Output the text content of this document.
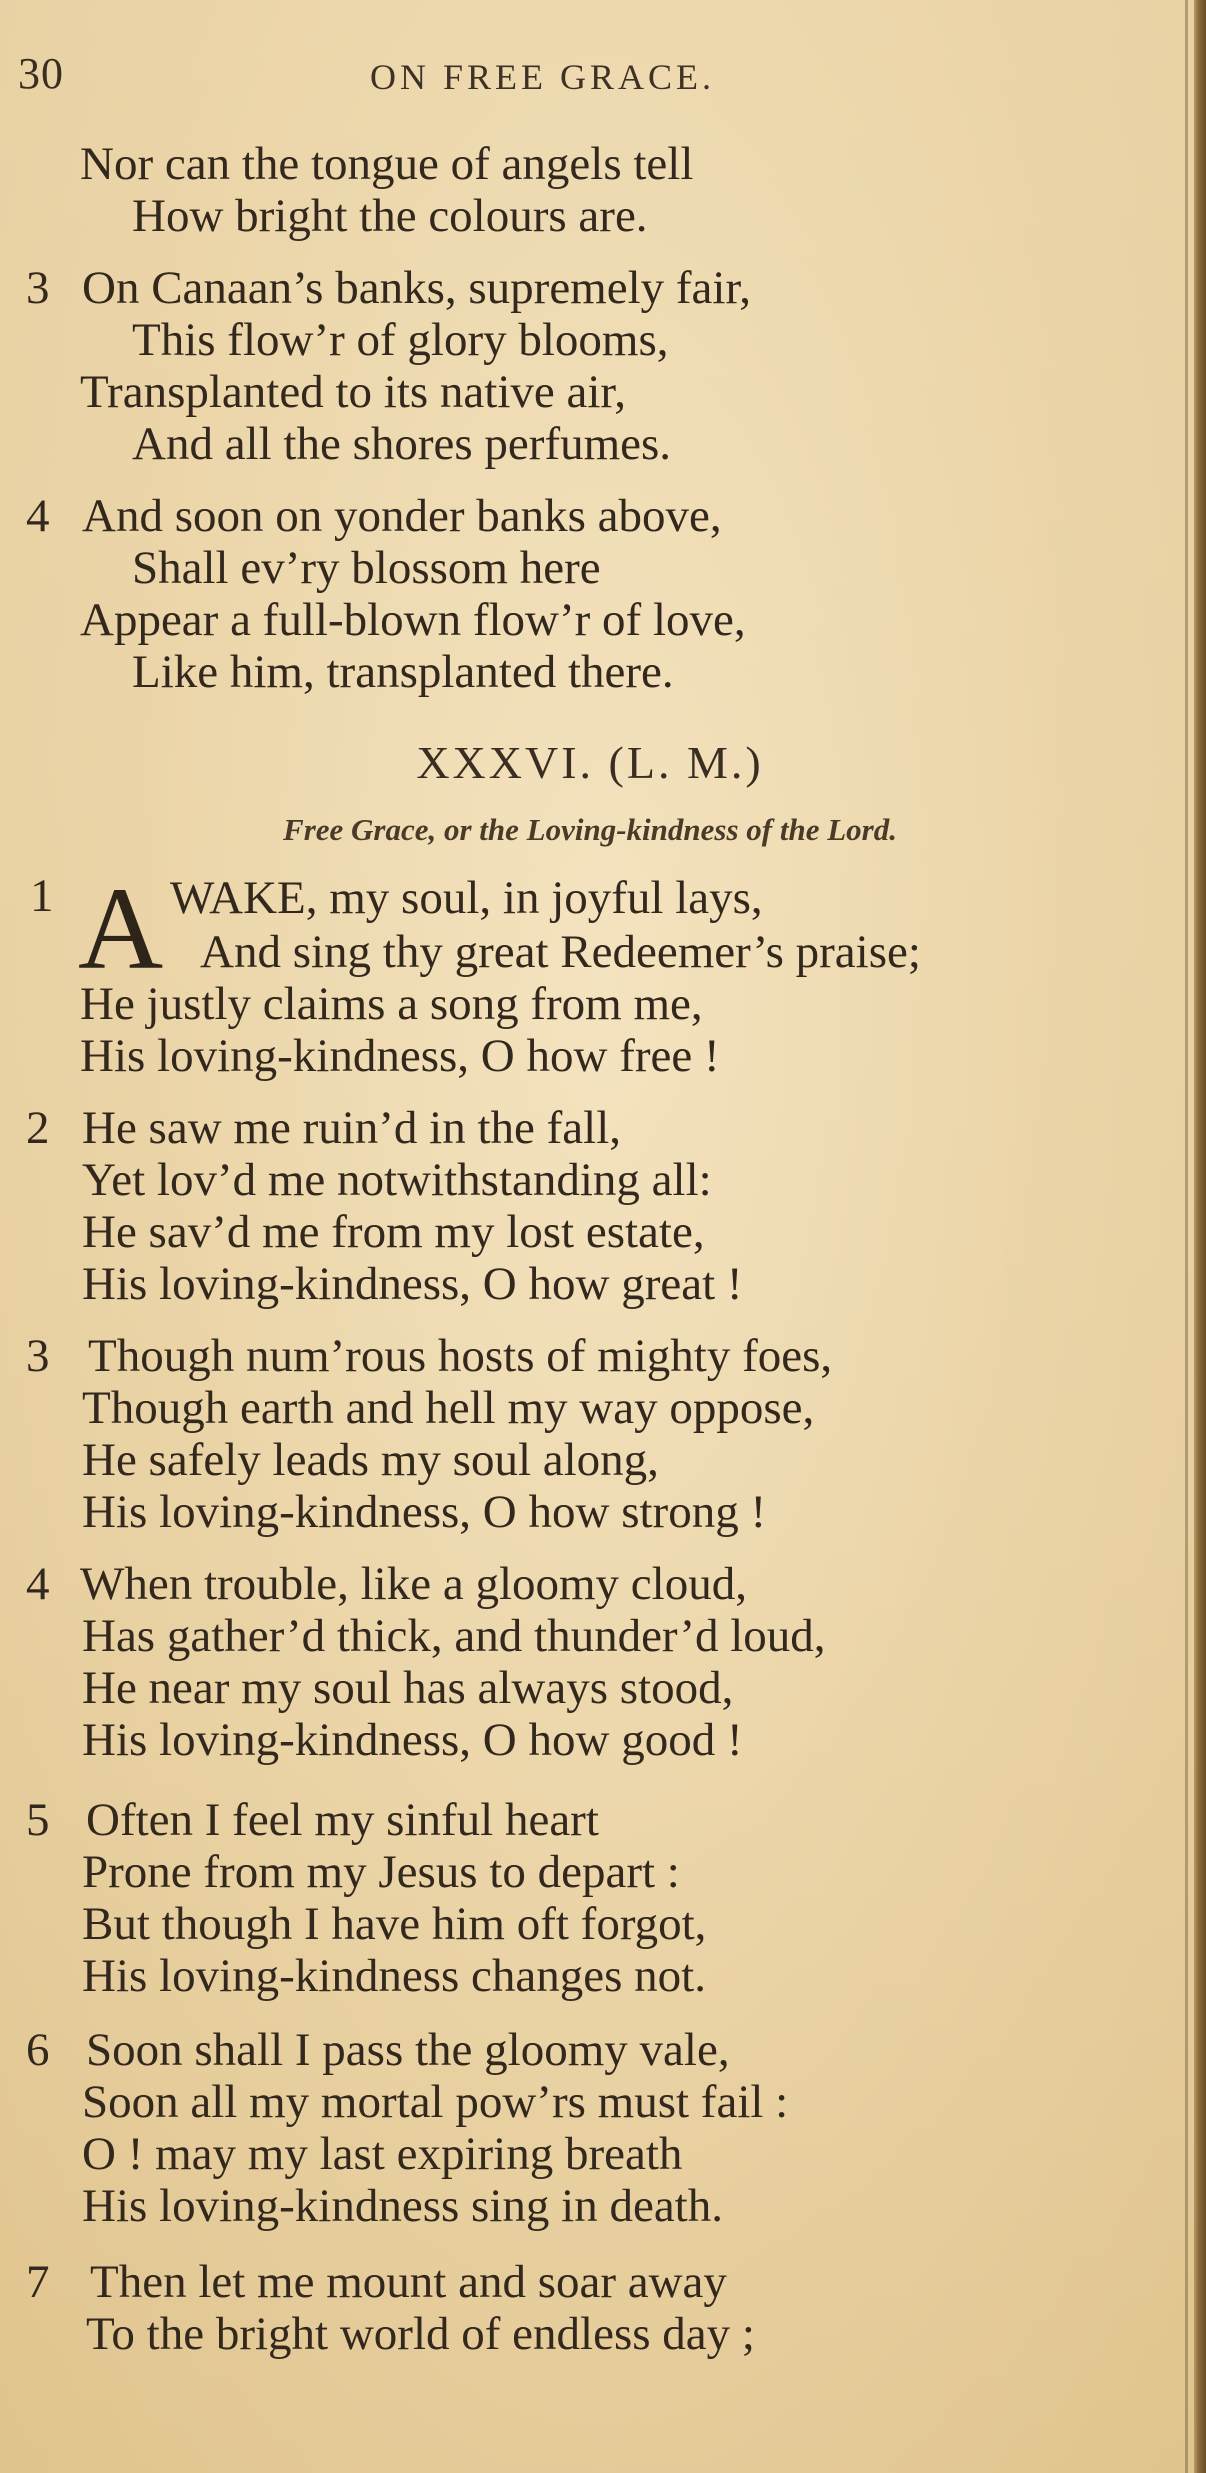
30	ON FREE GRACE.
Nor can the tongue of angels tell
How bright the colours are.
3 On Canaan’s banks, supremely fair,
This flow’r of glory blooms,
Transplanted to its native air,
And all the shores perfumes.
4 And soon on yonder banks above,
Shall ev’ry blossom here
Appear a full-blown flow’r of love,
Like him, transplanted there.
XXXVI. (L. M.)
Free Grace, or the Loving-kindness of the Lord.
1 A WAKE, my soul, in joyful lays,
And sing thy great Redeemer’s praise;
He justly claims a song from me,
His loving-kindness, O how free !
2 He saw me ruin’d in the fall,
Yet lov’d me notwithstanding all:
He sav’d me from my lost estate,
His loving-kindness, O how great !
3 Though num’rous hosts of mighty foes,
Though earth and hell my way oppose,
He safely leads my soul along,
His loving-kindness, O how strong !
4 When trouble, like a gloomy cloud,
Has gather’d thick, and thunder’d loud,
He near my soul has always stood,
His loving-kindness, O how good !
5 Often I feel my sinful heart
Prone from my Jesus to depart :
But though I have him oft forgot,
His loving-kindness changes not.
6 Soon shall I pass the gloomy vale,
Soon all my mortal pow’rs must fail :
O ! may my last expiring breath
His loving-kindness sing in death.
7 Then let me mount and soar away
To the bright world of endless day ;
